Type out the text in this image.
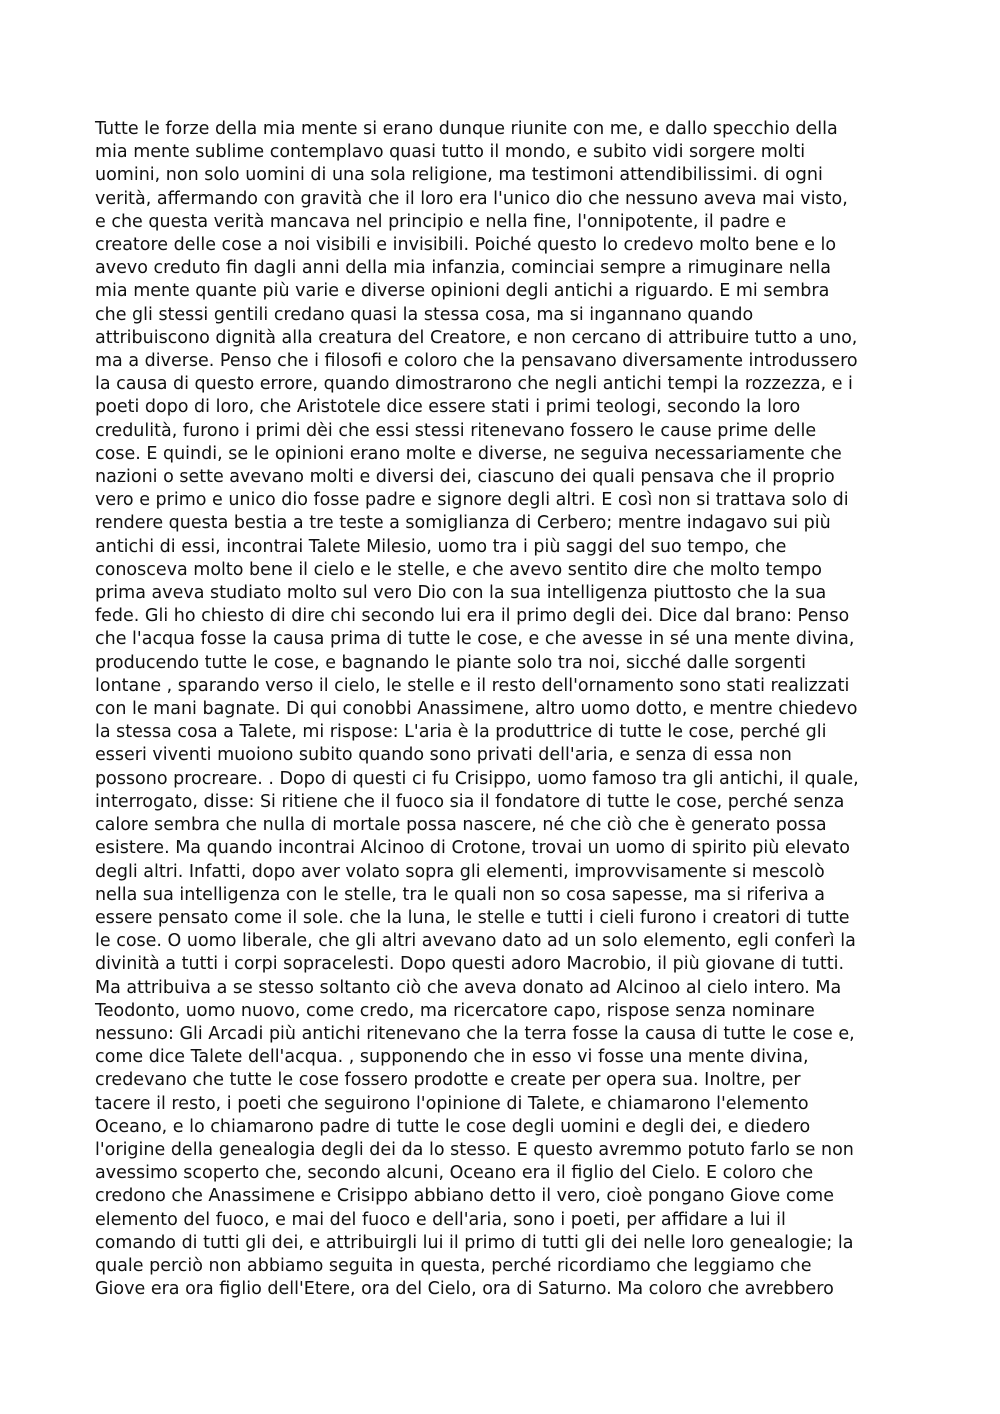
Tutte le forze della mia mente si erano dunque riunite con me, e dallo specchio della
mia mente sublime contemplavo quasi tutto il mondo, e subito vidi sorgere molti
uomini, non solo uomini di una sola religione, ma testimoni attendibilissimi. di ogni
verità, affermando con gravità che il loro era l'unico dio che nessuno aveva mai visto,
e che questa verità mancava nel principio e nella fine, l'onnipotente, il padre e
creatore delle cose a noi visibili e invisibili. Poiché questo lo credevo molto bene e lo
avevo creduto fin dagli anni della mia infanzia, cominciai sempre a rimuginare nella
mia mente quante più varie e diverse opinioni degli antichi a riguardo. E mi sembra
che gli stessi gentili credano quasi la stessa cosa, ma si ingannano quando
attribuiscono dignità alla creatura del Creatore, e non cercano di attribuire tutto a uno,
ma a diverse. Penso che i filosofi e coloro che la pensavano diversamente introdussero
la causa di questo errore, quando dimostrarono che negli antichi tempi la rozzezza, e i
poeti dopo di loro, che Aristotele dice essere stati i primi teologi, secondo la loro
credulità, furono i primi dèi che essi stessi ritenevano fossero le cause prime delle
cose. E quindi, se le opinioni erano molte e diverse, ne seguiva necessariamente che
nazioni o sette avevano molti e diversi dei, ciascuno dei quali pensava che il proprio
vero e primo e unico dio fosse padre e signore degli altri. E così non si trattava solo di
rendere questa bestia a tre teste a somiglianza di Cerbero; mentre indagavo sui più
antichi di essi, incontrai Talete Milesio, uomo tra i più saggi del suo tempo, che
conosceva molto bene il cielo e le stelle, e che avevo sentito dire che molto tempo
prima aveva studiato molto sul vero Dio con la sua intelligenza piuttosto che la sua
fede. Gli ho chiesto di dire chi secondo lui era il primo degli dei. Dice dal brano: Penso
che l'acqua fosse la causa prima di tutte le cose, e che avesse in sé una mente divina,
producendo tutte le cose, e bagnando le piante solo tra noi, sicché dalle sorgenti
lontane , sparando verso il cielo, le stelle e il resto dell'ornamento sono stati realizzati
con le mani bagnate. Di qui conobbi Anassimene, altro uomo dotto, e mentre chiedevo
la stessa cosa a Talete, mi rispose: L'aria è la produttrice di tutte le cose, perché gli
esseri viventi muoiono subito quando sono privati dell'aria, e senza di essa non
possono procreare. . Dopo di questi ci fu Crisippo, uomo famoso tra gli antichi, il quale,
interrogato, disse: Si ritiene che il fuoco sia il fondatore di tutte le cose, perché senza
calore sembra che nulla di mortale possa nascere, né che ciò che è generato possa
esistere. Ma quando incontrai Alcinoo di Crotone, trovai un uomo di spirito più elevato
degli altri. Infatti, dopo aver volato sopra gli elementi, improvvisamente si mescolò
nella sua intelligenza con le stelle, tra le quali non so cosa sapesse, ma si riferiva a
essere pensato come il sole. che la luna, le stelle e tutti i cieli furono i creatori di tutte
le cose. O uomo liberale, che gli altri avevano dato ad un solo elemento, egli conferì la
divinità a tutti i corpi sopracelesti. Dopo questi adoro Macrobio, il più giovane di tutti.
Ma attribuiva a se stesso soltanto ciò che aveva donato ad Alcinoo al cielo intero. Ma
Teodonto, uomo nuovo, come credo, ma ricercatore capo, rispose senza nominare
nessuno: Gli Arcadi più antichi ritenevano che la terra fosse la causa di tutte le cose e,
come dice Talete dell'acqua. , supponendo che in esso vi fosse una mente divina,
credevano che tutte le cose fossero prodotte e create per opera sua. Inoltre, per
tacere il resto, i poeti che seguirono l'opinione di Talete, e chiamarono l'elemento
Oceano, e lo chiamarono padre di tutte le cose degli uomini e degli dei, e diedero
l'origine della genealogia degli dei da lo stesso. E questo avremmo potuto farlo se non
avessimo scoperto che, secondo alcuni, Oceano era il figlio del Cielo. E coloro che
credono che Anassimene e Crisippo abbiano detto il vero, cioè pongano Giove come
elemento del fuoco, e mai del fuoco e dell'aria, sono i poeti, per affidare a lui il
comando di tutti gli dei, e attribuirgli lui il primo di tutti gli dei nelle loro genealogie; la
quale perciò non abbiamo seguita in questa, perché ricordiamo che leggiamo che
Giove era ora figlio dell'Etere, ora del Cielo, ora di Saturno. Ma coloro che avrebbero
